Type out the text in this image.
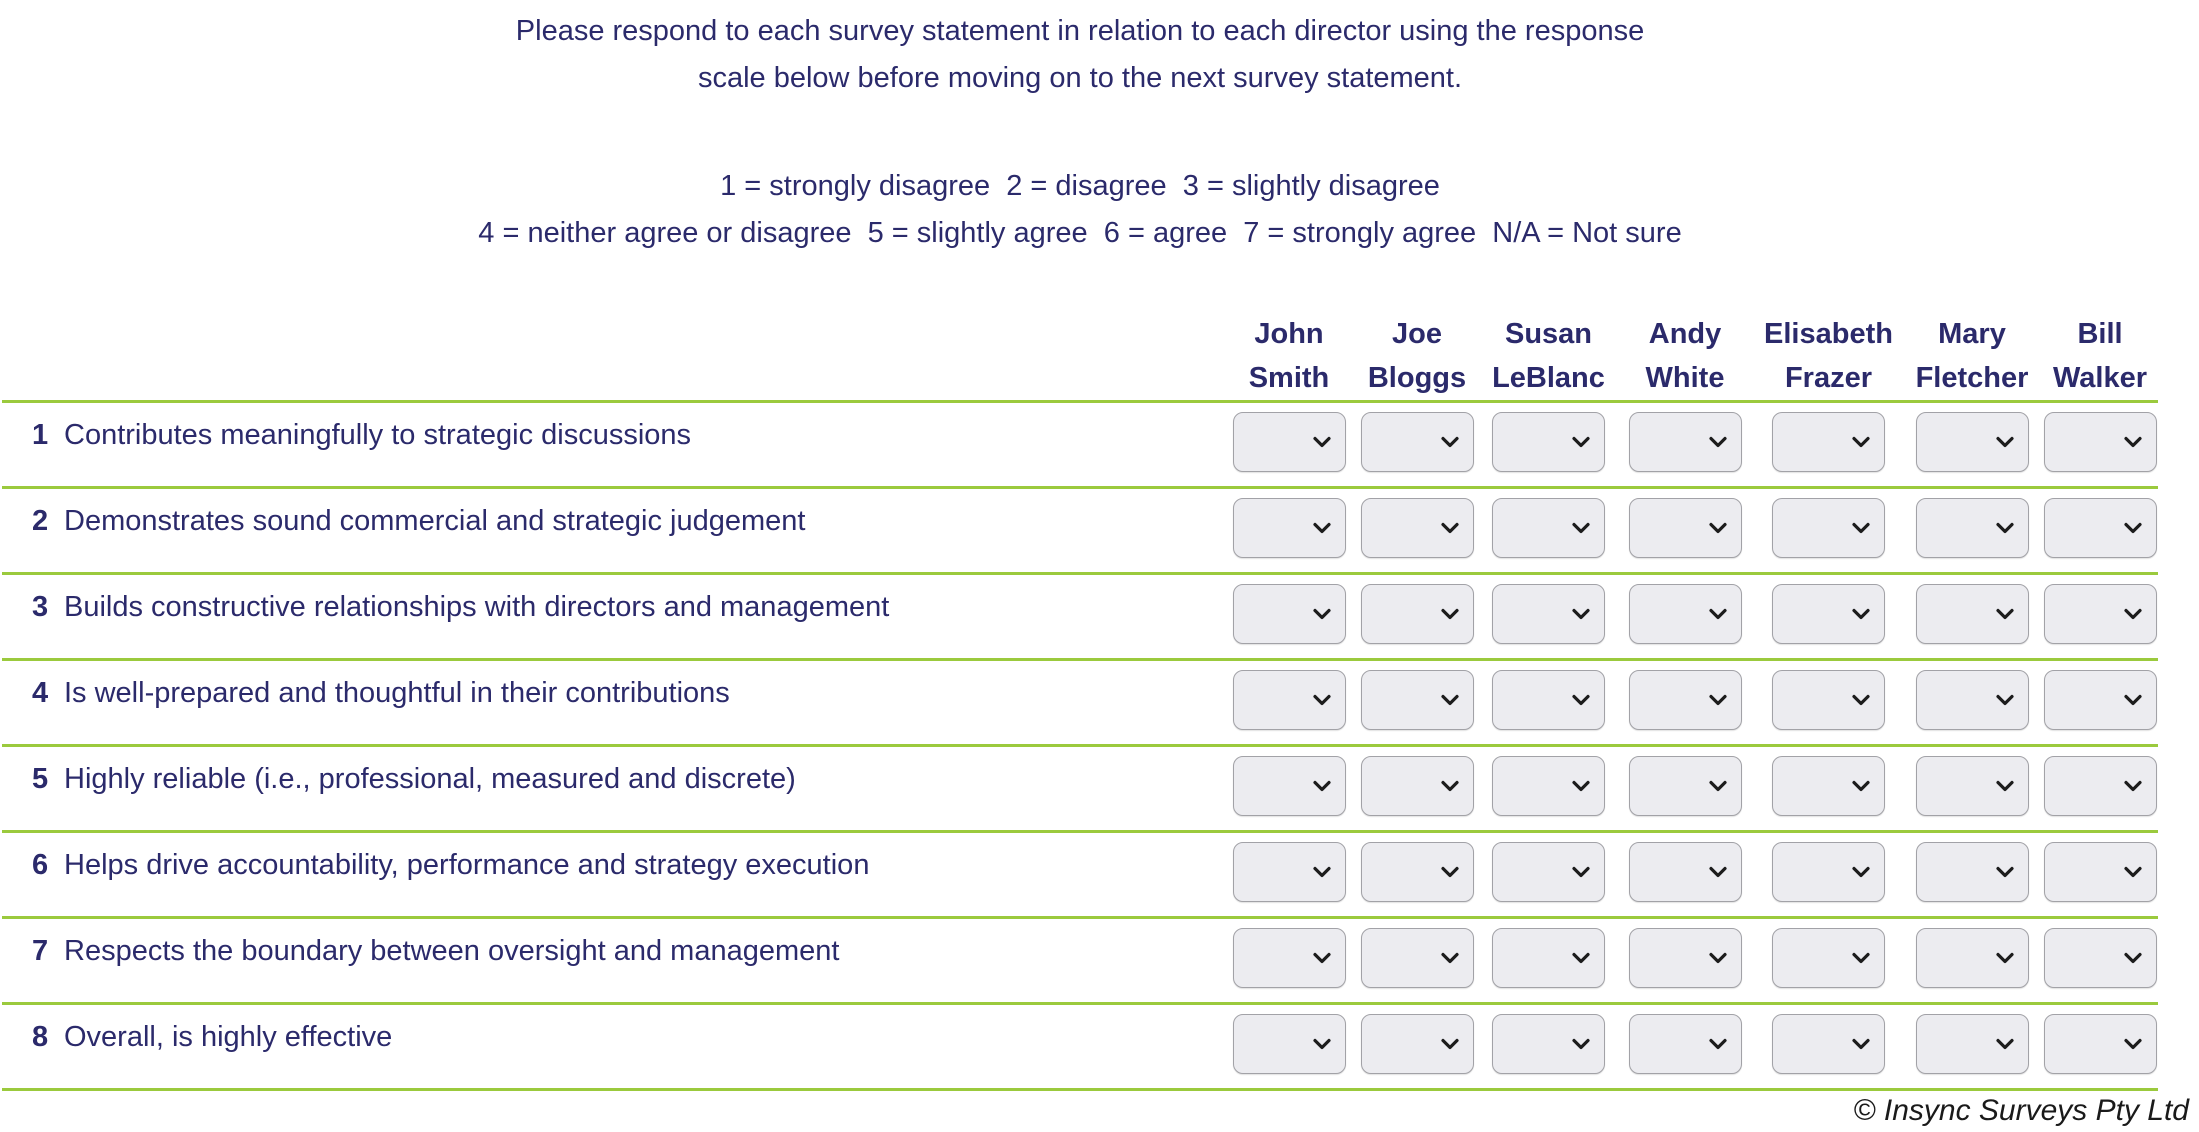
Please respond to each survey statement in relation to each director using the response
scale below before moving on to the next survey statement.
1 = strongly disagree  2 = disagree  3 = slightly disagree
4 = neither agree or disagree  5 = slightly agree  6 = agree  7 = strongly agree  N/A = Not sure
John
Smith
Joe
Bloggs
Susan
LeBlanc
Andy
White
Elisabeth
Frazer
Mary
Fletcher
Bill
Walker
1 Contributes meaningfully to strategic discussions
2 Demonstrates sound commercial and strategic judgement
3 Builds constructive relationships with directors and management
4 Is well-prepared and thoughtful in their contributions
5 Highly reliable (i.e., professional, measured and discrete)
6 Helps drive accountability, performance and strategy execution
7 Respects the boundary between oversight and management
8 Overall, is highly effective
© Insync Surveys Pty Ltd
